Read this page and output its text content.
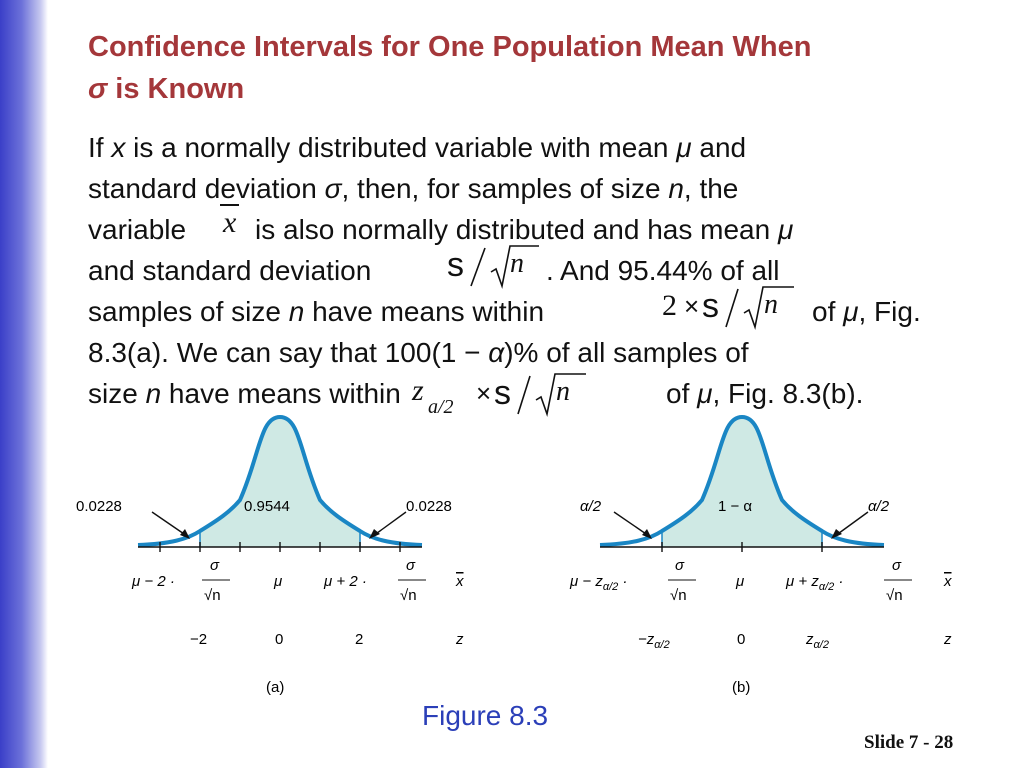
Confidence Intervals for One Population Mean When
σ is Known
If x is a normally distributed variable with mean μ and
standard deviation σ, then, for samples of size n, the
variable is also normally distributed and has mean μ
and standard deviation	. And 95.44% of all
samples of size n have means within	of μ, Fig.
8.3(a). We can say that 100(1 − α)% of all samples of
size n have means within	of μ, Fig. 8.3(b).
x
s n
2 × s n
z a/2 × s n
0.0228	0.9544	0.0228
μ − 2 ·
σ
√n
μ	μ + 2 ·
σ
√n
x
−2	0	2	z
(a)
α/2	1 − α	α/2
$\mu - z_{\alpha/2}$ ·
σ
√n
μ	$\mu + z_{\alpha/2}$ ·
σ
√n
x
$-z_{\alpha/2}$	0	$z_{\alpha/2}$	z
(b)
Figure 8.3
Slide 7 - 28
